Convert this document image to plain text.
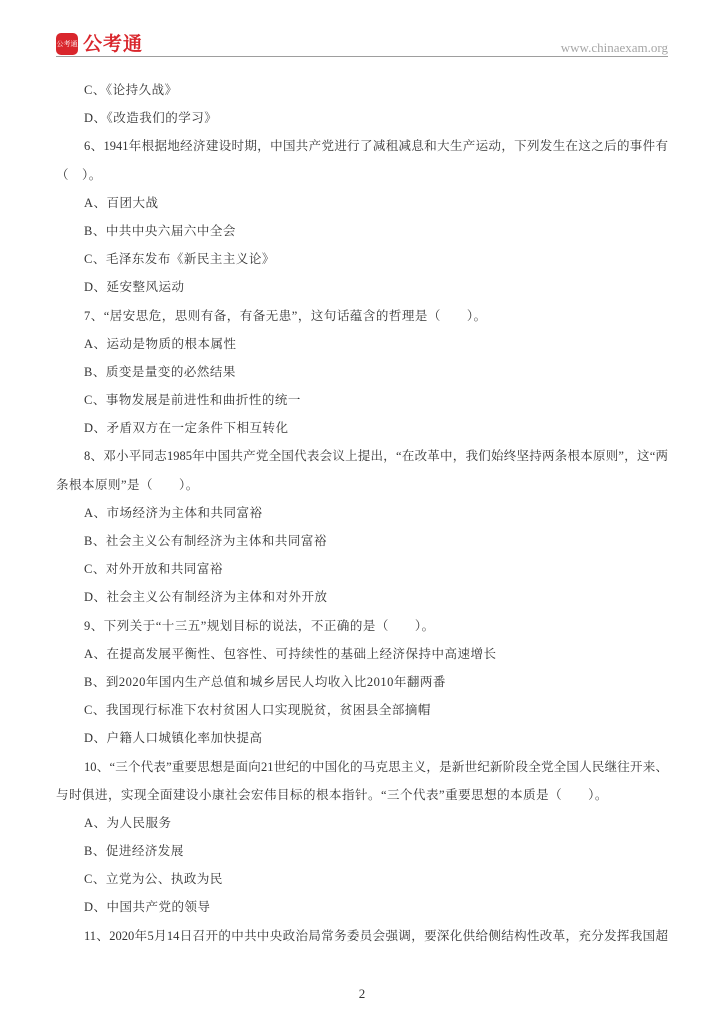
公考通 公考通	www.chinaexam.org
C、《论持久战》
D、《改造我们的学习》
6、1941年根据地经济建设时期，中国共产党进行了减租减息和大生产运动，下列发生在这之后的事件有
（　）。
A、百团大战
B、中共中央六届六中全会
C、毛泽东发布《新民主主义论》
D、延安整风运动
7、“居安思危，思则有备，有备无患”，这句话蕴含的哲理是（　　）。
A、运动是物质的根本属性
B、质变是量变的必然结果
C、事物发展是前进性和曲折性的统一
D、矛盾双方在一定条件下相互转化
8、邓小平同志1985年中国共产党全国代表会议上提出，“在改革中，我们始终坚持两条根本原则”，这“两
条根本原则”是（　　）。
A、市场经济为主体和共同富裕
B、社会主义公有制经济为主体和共同富裕
C、对外开放和共同富裕
D、社会主义公有制经济为主体和对外开放
9、下列关于“十三五”规划目标的说法，不正确的是（　　）。
A、在提高发展平衡性、包容性、可持续性的基础上经济保持中高速增长
B、到2020年国内生产总值和城乡居民人均收入比2010年翻两番
C、我国现行标准下农村贫困人口实现脱贫，贫困县全部摘帽
D、户籍人口城镇化率加快提高
10、“三个代表”重要思想是面向21世纪的中国化的马克思主义，是新世纪新阶段全党全国人民继往开来、
与时俱进，实现全面建设小康社会宏伟目标的根本指针。“三个代表”重要思想的本质是（　　）。
A、为人民服务
B、促进经济发展
C、立党为公、执政为民
D、中国共产党的领导
11、2020年5月14日召开的中共中央政治局常务委员会强调，要深化供给侧结构性改革，充分发挥我国超
2
